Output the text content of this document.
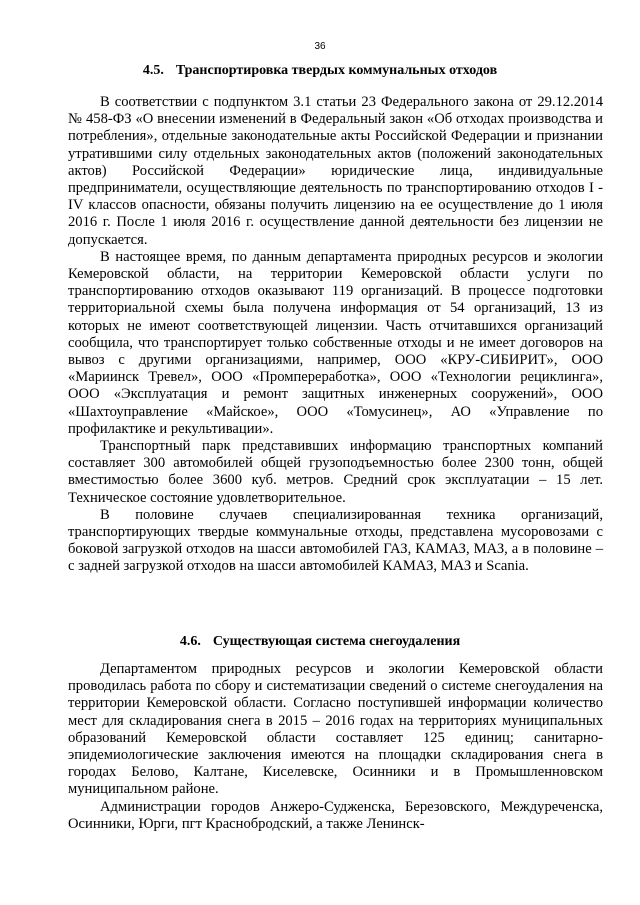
36
4.5. Транспортировка твердых коммунальных отходов

В соответствии с подпунктом 3.1 статьи 23 Федерального закона от 29.12.2014 № 458-ФЗ «О внесении изменений в Федеральный закон «Об отходах производства и потребления», отдельные законодательные акты Российской Федерации и признании утратившими силу отдельных законодательных актов (положений законодательных актов) Российской Федерации» юридические лица, индивидуальные предприниматели, осуществляющие деятельность по транспортированию отходов I - IV классов опасности, обязаны получить лицензию на ее осуществление до 1 июля 2016 г. После 1 июля 2016 г. осуществление данной деятельности без лицензии не допускается.

В настоящее время, по данным департамента природных ресурсов и экологии Кемеровской области, на территории Кемеровской области услуги по транспортированию отходов оказывают 119 организаций. В процессе подготовки территориальной схемы была получена информация от 54 организаций, 13 из которых не имеют соответствующей лицензии. Часть отчитавшихся организаций сообщила, что транспортирует только собственные отходы и не имеет договоров на вывоз с другими организациями, например, ООО «КРУ-СИБИРИТ», ООО «Мариинск Тревел», ООО «Промпереработка», ООО «Технологии рециклинга», ООО «Эксплуатация и ремонт защитных инженерных сооружений», ООО «Шахтоуправление «Майское», ООО «Томусинец», АО «Управление по профилактике и рекультивации».

Транспортный парк представивших информацию транспортных компаний составляет 300 автомобилей общей грузоподъемностью более 2300 тонн, общей вместимостью более 3600 куб. метров. Средний срок эксплуатации – 15 лет. Техническое состояние удовлетворительное.

В половине случаев специализированная техника организаций, транспортирующих твердые коммунальные отходы, представлена мусоровозами с боковой загрузкой отходов на шасси автомобилей ГАЗ, КАМАЗ, МАЗ, а в половине – с задней загрузкой отходов на шасси автомобилей КАМАЗ, МАЗ и Scania.

4.6. Существующая система снегоудаления

Департаментом природных ресурсов и экологии Кемеровской области проводилась работа по сбору и систематизации сведений о системе снегоудаления на территории Кемеровской области. Согласно поступившей информации количество мест для складирования снега в 2015 – 2016 годах на территориях муниципальных образований Кемеровской области составляет 125 единиц; санитарно-эпидемиологические заключения имеются на площадки складирования снега в городах Белово, Калтане, Киселевске, Осинники и в Промышленновском муниципальном районе.

Администрации городов Анжеро-Судженска, Березовского, Междуреченска, Осинники, Юрги, пгт Краснобродский, а также Ленинск-
